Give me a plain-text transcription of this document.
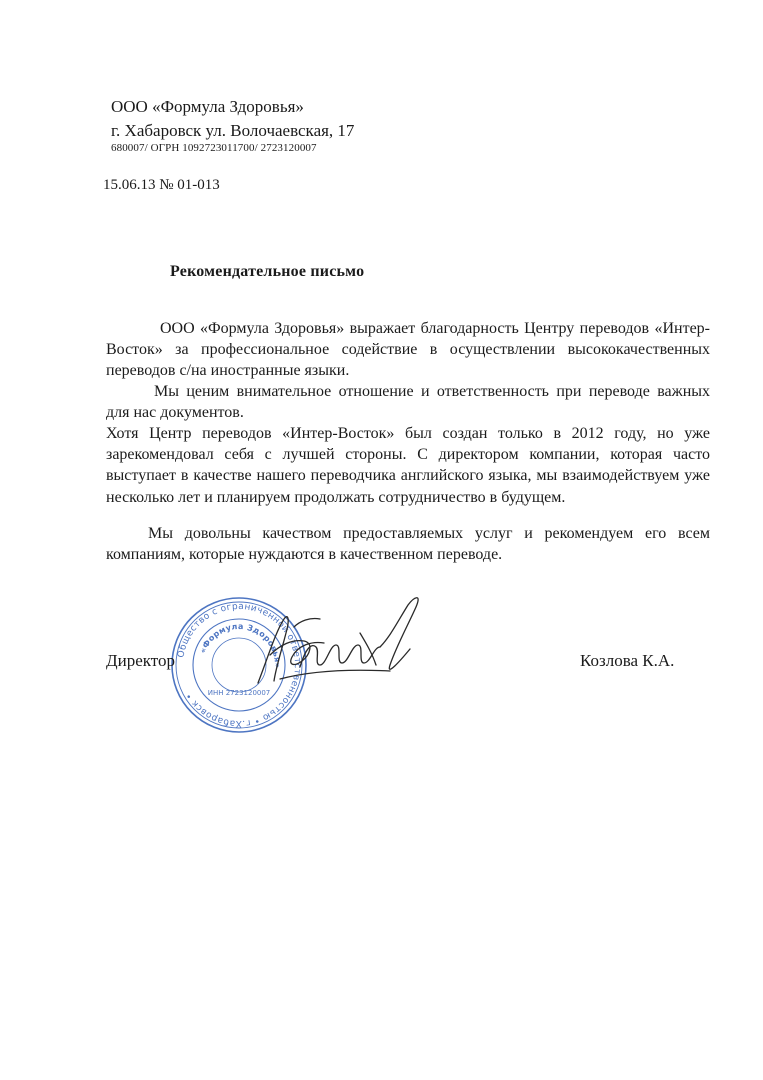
ООО «Формула Здоровья»
г. Хабаровск ул. Волочаевская, 17
680007/ ОГРН 1092723011700/ 2723120007
15.06.13 № 01-013
Рекомендательное письмо
ООО «Формула Здоровья» выражает благодарность Центру переводов «Интер-Восток» за профессиональное содействие в осуществлении высококачественных переводов с/на иностранные языки.
Мы ценим внимательное отношение и ответственность при переводе важных для нас документов.
Хотя Центр переводов «Интер-Восток» был создан только в 2012 году, но уже зарекомендовал себя с лучшей стороны. С директором компании, которая часто выступает в качестве нашего переводчика английского языка, мы взаимодействуем уже несколько лет и планируем продолжать сотрудничество в будущем.
Мы довольны качеством предоставляемых услуг и рекомендуем его всем компаниям, которые нуждаются в качественном переводе.
Общество с ограниченной ответственностью • г.Хабаровск •
«Формула Здоровья»
ИНН 2723120007
Директор	Козлова К.А.
